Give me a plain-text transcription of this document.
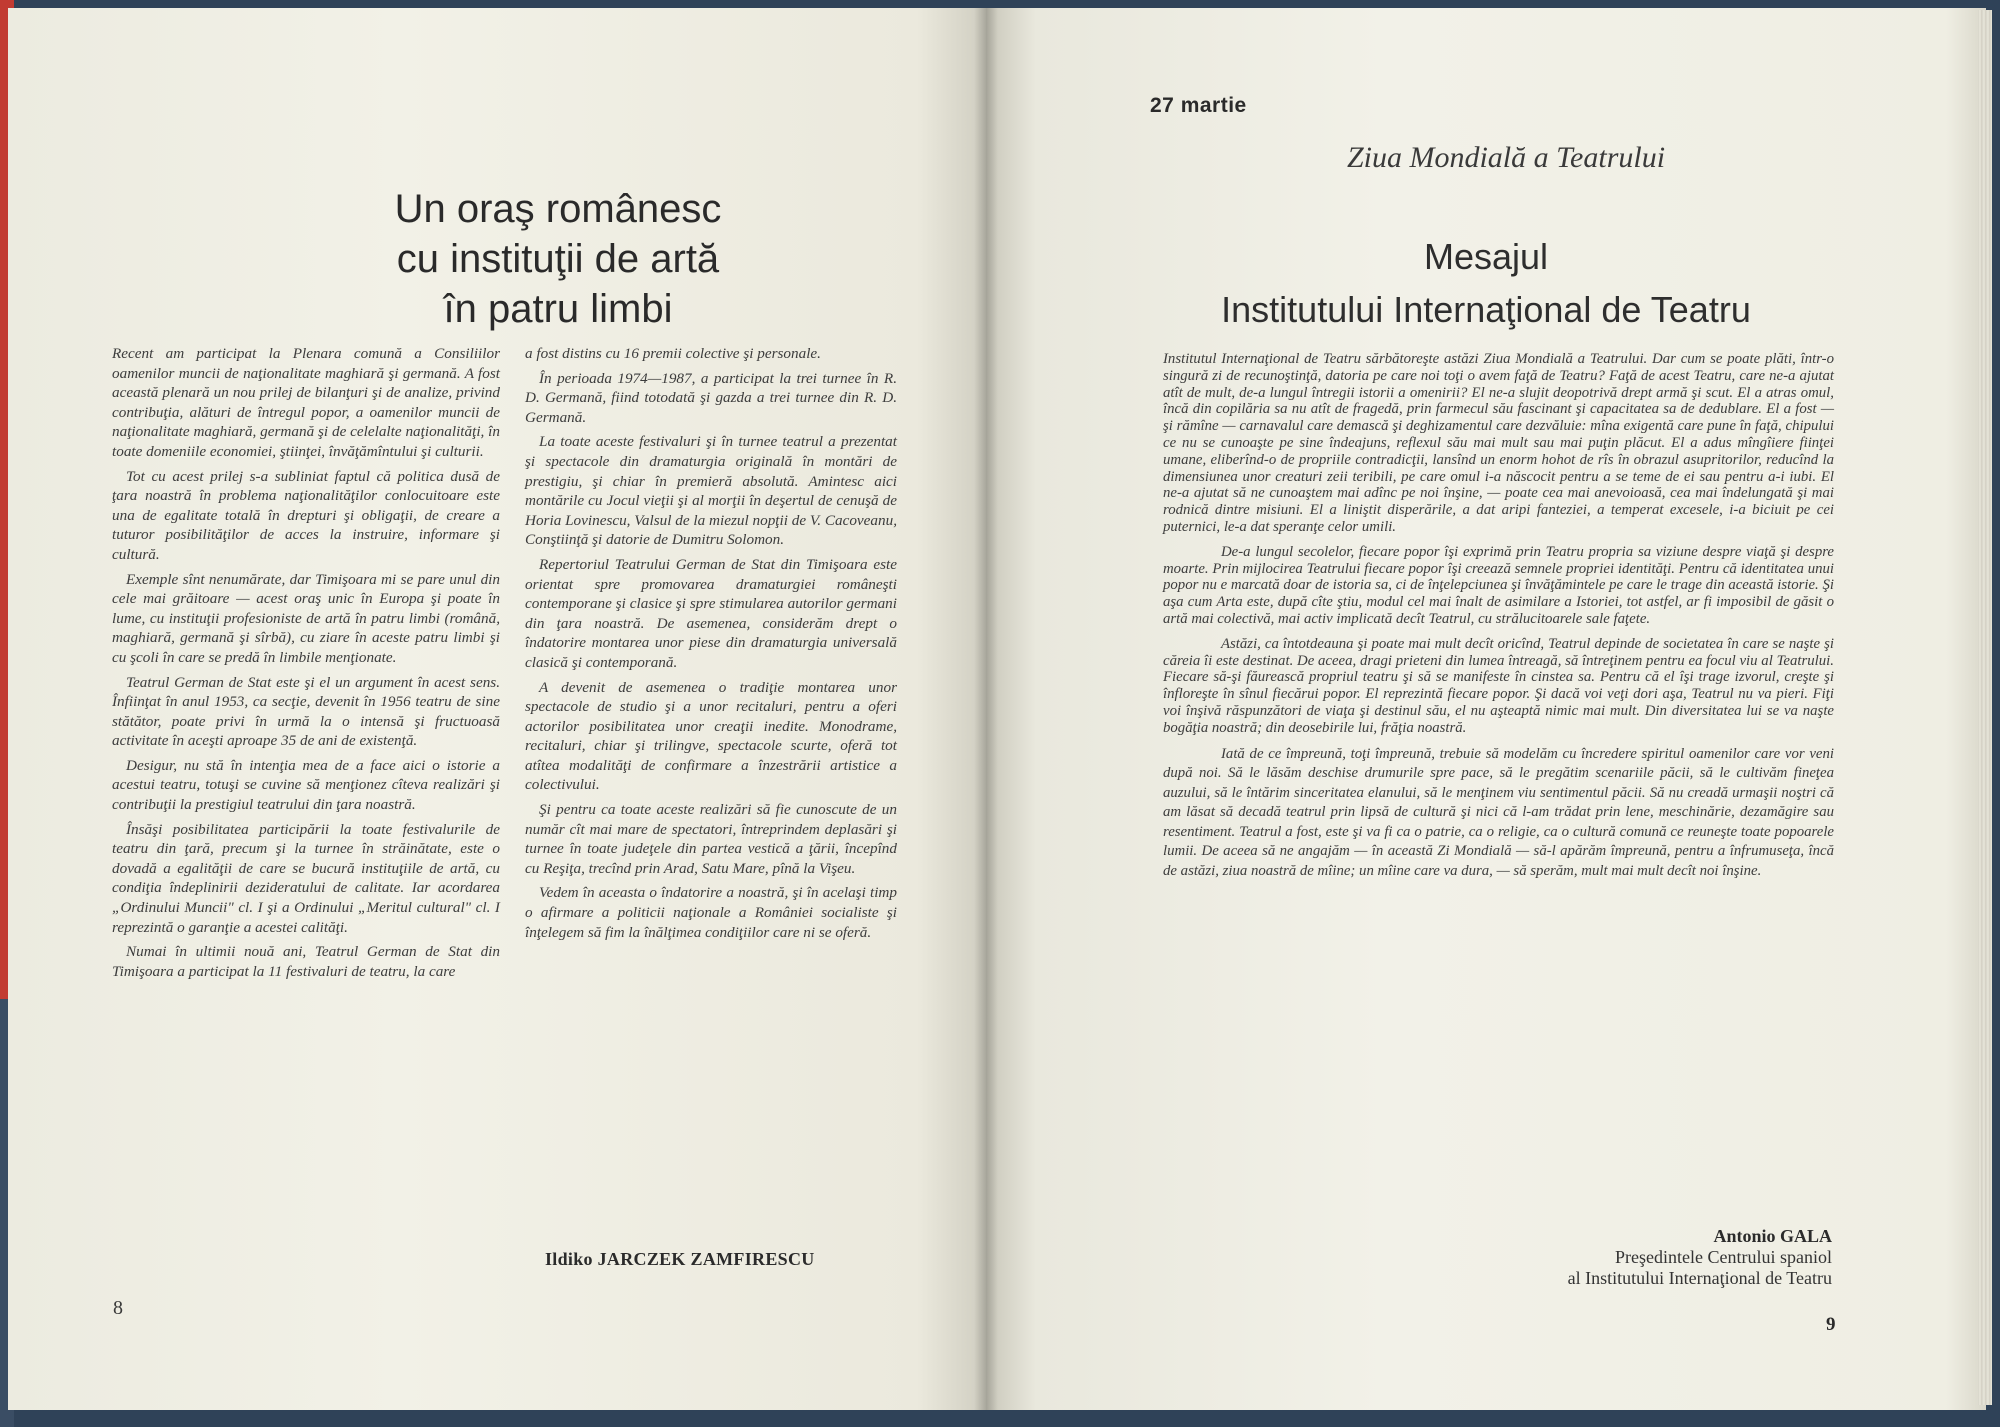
Un oraş românesc
cu instituţii de artă
în patru limbi

Recent am participat la Plenara comună a Consiliilor oamenilor muncii de naţionalitate maghiară şi germană. A fost această plenară un nou prilej de bilanţuri şi de analize, privind contribuţia, alături de întregul popor, a oamenilor muncii de naţionalitate maghiară, germană şi de celelalte naţionalităţi, în toate domeniile economiei, ştiinţei, învăţămîntului şi culturii.

Tot cu acest prilej s-a subliniat faptul că politica dusă de ţara noastră în problema naţionalităţilor conlocuitoare este una de egalitate totală în drepturi şi obligaţii, de creare a tuturor posibilităţilor de acces la instruire, informare şi cultură.

Exemple sînt nenumărate, dar Timişoara mi se pare unul din cele mai grăitoare — acest oraş unic în Europa şi poate în lume, cu instituţii profesioniste de artă în patru limbi (română, maghiară, germană şi sîrbă), cu ziare în aceste patru limbi şi cu şcoli în care se predă în limbile menţionate.

Teatrul German de Stat este şi el un argument în acest sens. Înfiinţat în anul 1953, ca secţie, devenit în 1956 teatru de sine stătător, poate privi în urmă la o intensă şi fructuoasă activitate în aceşti aproape 35 de ani de existenţă.

Desigur, nu stă în intenţia mea de a face aici o istorie a acestui teatru, totuşi se cuvine să menţionez cîteva realizări şi contribuţii la prestigiul teatrului din ţara noastră.

Însăşi posibilitatea participării la toate festivalurile de teatru din ţară, precum şi la turnee în străinătate, este o dovadă a egalităţii de care se bucură instituţiile de artă, cu condiţia îndeplinirii dezideratului de calitate. Iar acordarea „Ordinului Muncii" cl. I şi a Ordinului „Meritul cultural" cl. I reprezintă o garanţie a acestei calităţi.

Numai în ultimii nouă ani, Teatrul German de Stat din Timişoara a participat la 11 festivaluri de teatru, la care

a fost distins cu 16 premii colective şi personale.

În perioada 1974—1987, a participat la trei turnee în R. D. Germană, fiind totodată şi gazda a trei turnee din R. D. Germană.

La toate aceste festivaluri şi în turnee teatrul a prezentat şi spectacole din dramaturgia originală în montări de prestigiu, şi chiar în premieră absolută. Amintesc aici montările cu Jocul vieţii şi al morţii în deşertul de cenuşă de Horia Lovinescu, Valsul de la miezul nopţii de V. Cacoveanu, Conştiinţă şi datorie de Dumitru Solomon.

Repertoriul Teatrului German de Stat din Timişoara este orientat spre promovarea dramaturgiei româneşti contemporane şi clasice şi spre stimularea autorilor germani din ţara noastră. De asemenea, considerăm drept o îndatorire montarea unor piese din dramaturgia universală clasică şi contemporană.

A devenit de asemenea o tradiţie montarea unor spectacole de studio şi a unor recitaluri, pentru a oferi actorilor posibilitatea unor creaţii inedite. Monodrame, recitaluri, chiar şi trilingve, spectacole scurte, oferă tot atîtea modalităţi de confirmare a înzestrării artistice a colectivului.

Şi pentru ca toate aceste realizări să fie cunoscute de un număr cît mai mare de spectatori, întreprindem deplasări şi turnee în toate judeţele din partea vestică a ţării, începînd cu Reşiţa, trecînd prin Arad, Satu Mare, pînă la Vişeu.

Vedem în aceasta o îndatorire a noastră, şi în acelaşi timp o afirmare a politicii naţionale a României socialiste şi înţelegem să fim la înălţimea condiţiilor care ni se oferă.

Ildiko JARCZEK ZAMFIRESCU
8
27 martie
Ziua Mondială a Teatrului
Mesajul
Institutului Internaţional de Teatru

Institutul Internaţional de Teatru sărbătoreşte astăzi Ziua Mondială a Teatrului. Dar cum se poate plăti, într-o singură zi de recunoştinţă, datoria pe care noi toţi o avem faţă de Teatru? Faţă de acest Teatru, care ne-a ajutat atît de mult, de-a lungul întregii istorii a omenirii? El ne-a slujit deopotrivă drept armă şi scut. El a atras omul, încă din copilăria sa nu atît de fragedă, prin farmecul său fascinant şi capacitatea sa de dedublare. El a fost — şi rămîne — carnavalul care demască şi deghizamentul care dezvăluie: mîna exigentă care pune în faţă, chipului ce nu se cunoaşte pe sine îndeajuns, reflexul său mai mult sau mai puţin plăcut. El a adus mîngîiere fiinţei umane, eliberînd-o de propriile contradicţii, lansînd un enorm hohot de rîs în obrazul asupritorilor, reducînd la dimensiunea unor creaturi zeii teribili, pe care omul i-a născocit pentru a se teme de ei sau pentru a-i iubi. El ne-a ajutat să ne cunoaştem mai adînc pe noi înşine, — poate cea mai anevoioasă, cea mai îndelungată şi mai rodnică dintre misiuni. El a liniştit disperările, a dat aripi fanteziei, a temperat excesele, i-a biciuit pe cei puternici, le-a dat speranţe celor umili.

De-a lungul secolelor, fiecare popor îşi exprimă prin Teatru propria sa viziune despre viaţă şi despre moarte. Prin mijlocirea Teatrului fiecare popor îşi creează semnele propriei identităţi. Pentru că identitatea unui popor nu e marcată doar de istoria sa, ci de înţelepciunea şi învăţămintele pe care le trage din această istorie. Şi aşa cum Arta este, după cîte ştiu, modul cel mai înalt de asimilare a Istoriei, tot astfel, ar fi imposibil de găsit o artă mai colectivă, mai activ implicată decît Teatrul, cu strălucitoarele sale faţete.

Astăzi, ca întotdeauna şi poate mai mult decît oricînd, Teatrul depinde de societatea în care se naşte şi căreia îi este destinat. De aceea, dragi prieteni din lumea întreagă, să întreţinem pentru ea focul viu al Teatrului. Fiecare să-şi făurească propriul teatru şi să se manifeste în cinstea sa. Pentru că el îşi trage izvorul, creşte şi înfloreşte în sînul fiecărui popor. El reprezintă fiecare popor. Şi dacă voi veţi dori aşa, Teatrul nu va pieri. Fiţi voi înşivă răspunzători de viaţa şi destinul său, el nu aşteaptă nimic mai mult. Din diversitatea lui se va naşte bogăţia noastră; din deosebirile lui, frăţia noastră.

Iată de ce împreună, toţi împreună, trebuie să modelăm cu încredere spiritul oamenilor care vor veni după noi. Să le lăsăm deschise drumurile spre pace, să le pregătim scenariile păcii, să le cultivăm fineţea auzului, să le întărim sinceritatea elanului, să le menţinem viu sentimentul păcii. Să nu creadă urmaşii noştri că am lăsat să decadă teatrul prin lipsă de cultură şi nici că l-am trădat prin lene, meschinărie, dezamăgire sau resentiment. Teatrul a fost, este şi va fi ca o patrie, ca o religie, ca o cultură comună ce reuneşte toate popoarele lumii. De aceea să ne angajăm — în această Zi Mondială — să-l apărăm împreună, pentru a înfrumuseţa, încă de astăzi, ziua noastră de mîine; un mîine care va dura, — să sperăm, mult mai mult decît noi înşine.

Antonio GALA
Preşedintele Centrului spaniol
al Institutului Internaţional de Teatru
9
